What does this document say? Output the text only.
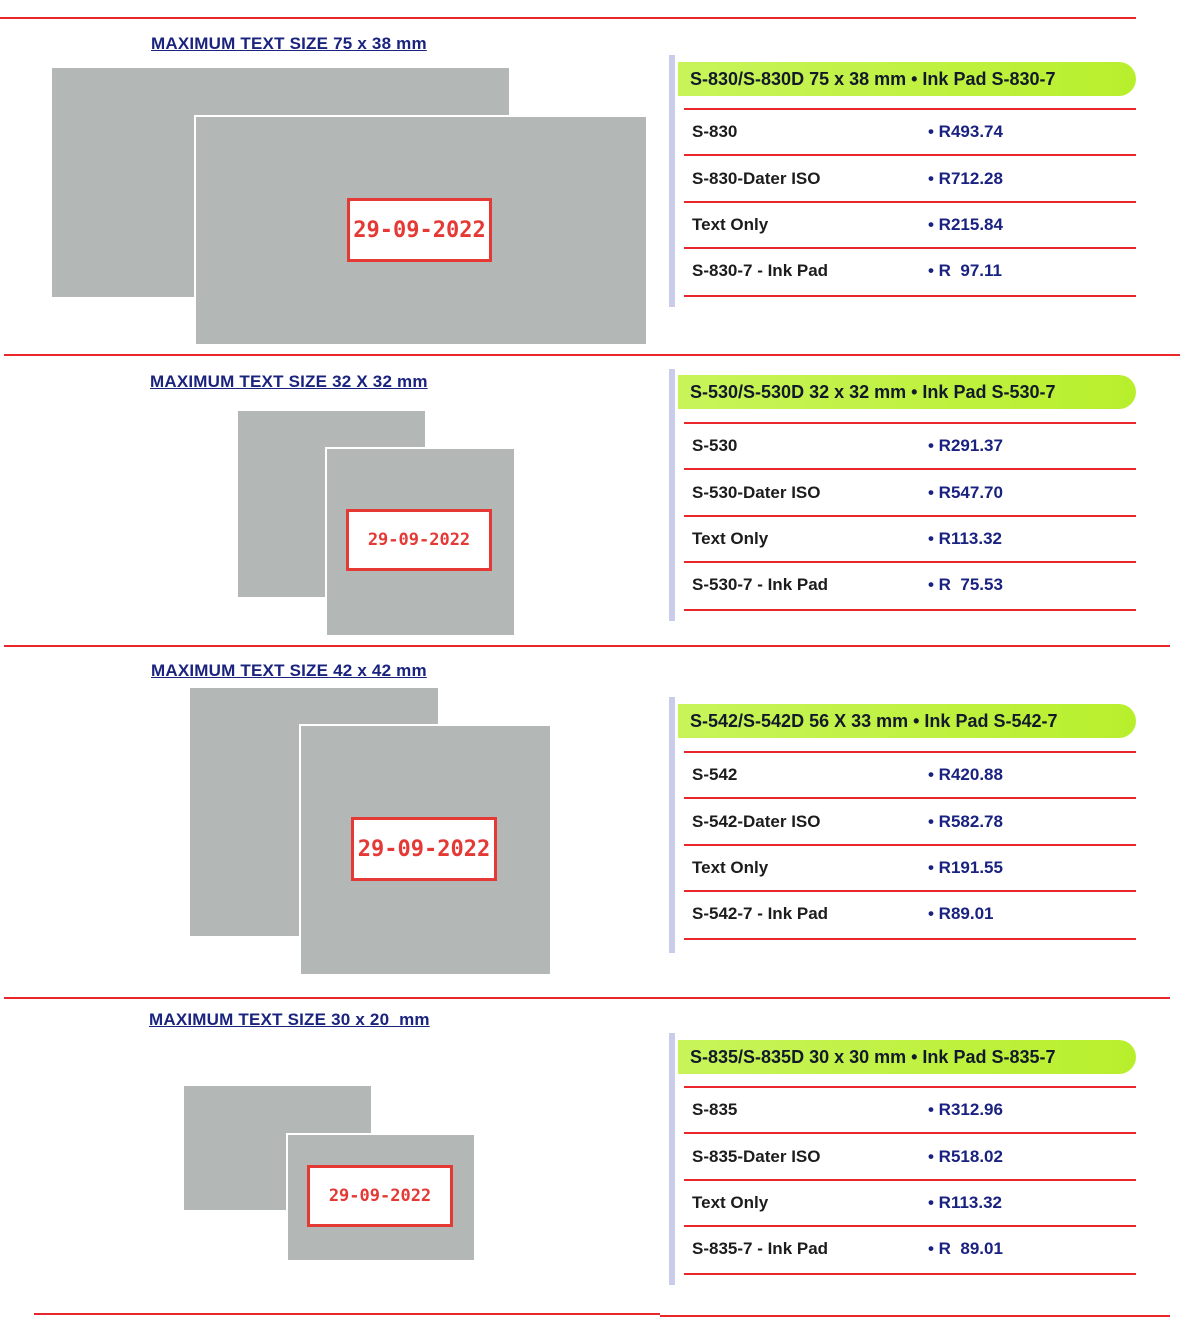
MAXIMUM TEXT SIZE 75 x 38 mm
29-09-2022
S-830/S-830D 75 x 38 mm • Ink Pad S-830-7
S-830	• R493.74
S-830-Dater ISO	• R712.28
Text Only	• R215.84
S-830-7 - Ink Pad	• R  97.11
MAXIMUM TEXT SIZE 32 X 32 mm
29-09-2022
S-530/S-530D 32 x 32 mm • Ink Pad S-530-7
S-530	• R291.37
S-530-Dater ISO	• R547.70
Text Only	• R113.32
S-530-7 - Ink Pad	• R  75.53
MAXIMUM TEXT SIZE 42 x 42 mm
29-09-2022
S-542/S-542D 56 X 33 mm • Ink Pad S-542-7
S-542	• R420.88
S-542-Dater ISO	• R582.78
Text Only	• R191.55
S-542-7 - Ink Pad	• R89.01
MAXIMUM TEXT SIZE 30 x 20  mm
29-09-2022
S-835/S-835D 30 x 30 mm • Ink Pad S-835-7
S-835	• R312.96
S-835-Dater ISO	• R518.02
Text Only	• R113.32
S-835-7 - Ink Pad	• R  89.01
